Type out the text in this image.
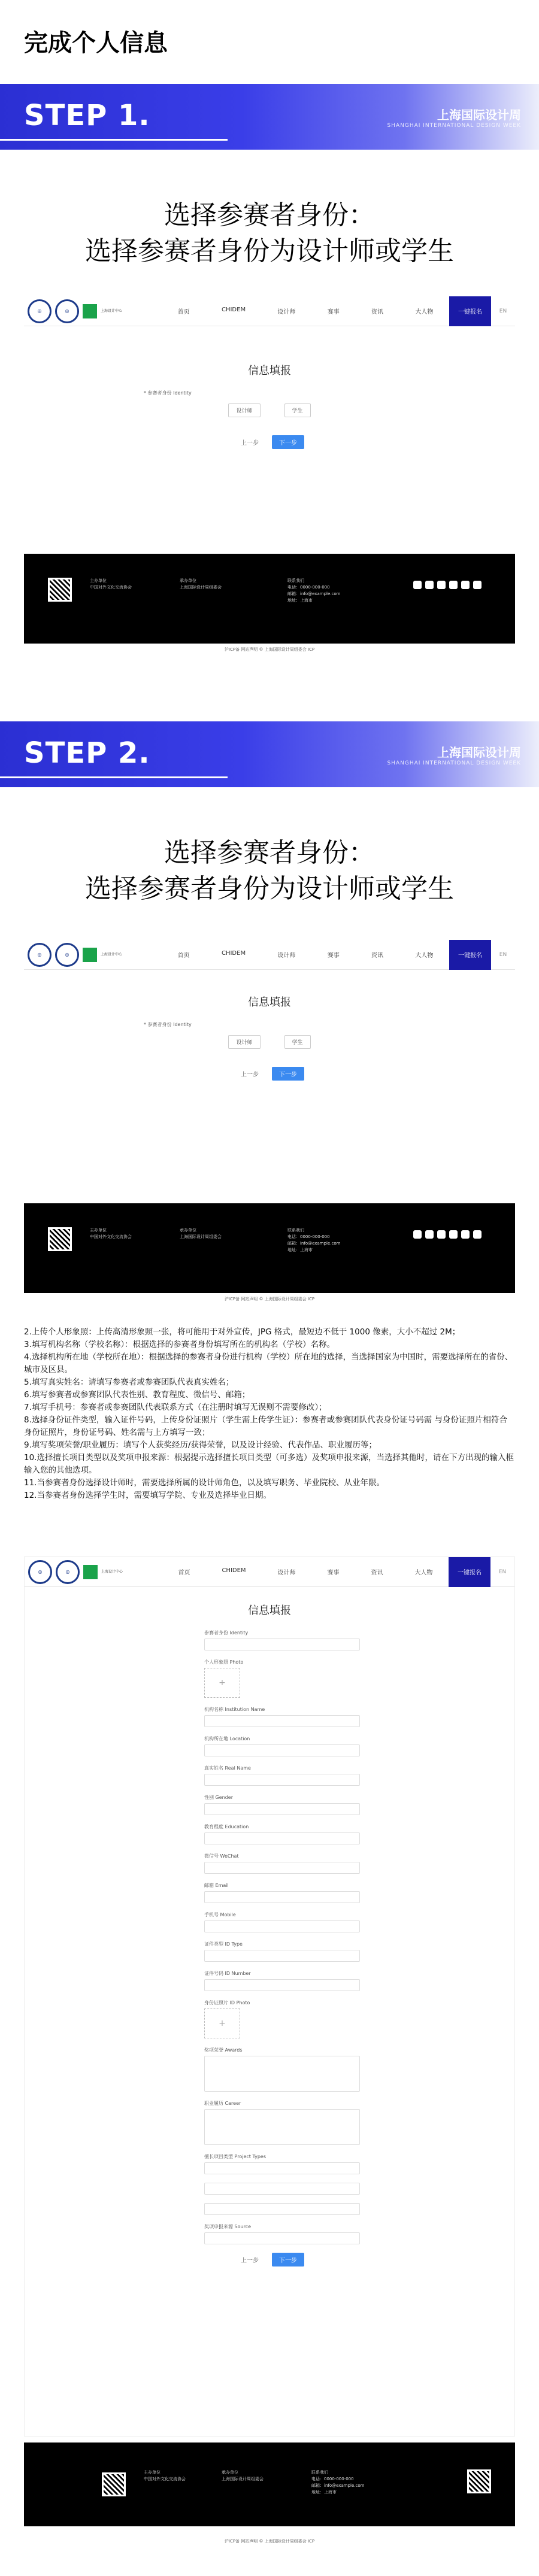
完成个人信息
STEP 1.	上海国际设计周
SHANGHAI INTERNATIONAL DESIGN WEEK
选择参赛者身份：
选择参赛者身份为设计师或学生
◎	◎	上海设计中心	首页	CHIDEM	设计师	赛事	资讯	大人物	一键报名	EN
信息填报
* 参赛者身份 Identity
设计师	学生
上一步	下一步
主办单位
中国对外文化交流协会
承办单位
上海国际设计周组委会
联系我们
电话：0000-000-000
邮箱：info@example.com
地址：上海市
沪ICP备 网站声明 © 上海国际设计周组委会 ICP
STEP 2.	上海国际设计周
SHANGHAI INTERNATIONAL DESIGN WEEK
选择参赛者身份：
选择参赛者身份为设计师或学生
◎	◎	上海设计中心	首页	CHIDEM	设计师	赛事	资讯	大人物	一键报名	EN
信息填报
* 参赛者身份 Identity
设计师	学生
上一步	下一步
主办单位
中国对外文化交流协会
承办单位
上海国际设计周组委会
联系我们
电话：0000-000-000
邮箱：info@example.com
地址：上海市
沪ICP备 网站声明 © 上海国际设计周组委会 ICP

2.上传个人形象照：上传高清形象照一张，将可能用于对外宣传，JPG 格式，最短边不低于 1000 像素，大小不超过 2M；

3.填写机构名称（学校名称）：根据选择的参赛者身份填写所在的机构名（学校）名称。

4.选择机构所在地（学校所在地）：根据选择的参赛者身份进行机构（学校）所在地的选择，当选择国家为中国时，需要选择所在的省份、城市及区县。

5.填写真实姓名：请填写参赛者或参赛团队代表真实姓名；

6.填写参赛者或参赛团队代表性别、教育程度、微信号、邮箱；

7.填写手机号：参赛者或参赛团队代表联系方式（在注册时填写无误则不需要修改）；

8.选择身份证件类型，输入证件号码，上传身份证照片（学生需上传学生证）：参赛者或参赛团队代表身份证号码需 与身份证照片相符合身份证照片，身份证号码、姓名需与上方填写一致；

9.填写奖项荣誉/职业履历：填写个人获奖经历/获得荣誉，以及设计经验、代表作品、职业履历等；

10.选择擅长项目类型以及奖项申报来源：根据提示选择擅长项目类型（可多选）及奖项申报来源，当选择其他时，请在下方出现的输入框输入您的其他选项。

11.当参赛者身份选择设计师时，需要选择所属的设计师角色，以及填写职务、毕业院校、从业年限。

12.当参赛者身份选择学生时，需要填写学院、专业及选择毕业日期。

◎	◎	上海设计中心	首页	CHIDEM	设计师	赛事	资讯	大人物	一键报名	EN
信息填报
参赛者身份 Identity
个人形象照 Photo
+
机构名称 Institution Name
机构所在地 Location
真实姓名 Real Name
性别 Gender
教育程度 Education
微信号 WeChat
邮箱 Email
手机号 Mobile
证件类型 ID Type
证件号码 ID Number
身份证照片 ID Photo
+
奖项荣誉 Awards
职业履历 Career
擅长项目类型 Project Types
奖项申报来源 Source
上一步	下一步
主办单位
中国对外文化交流协会
承办单位
上海国际设计周组委会
联系我们
电话：0000-000-000
邮箱：info@example.com
地址：上海市
沪ICP备 网站声明 © 上海国际设计周组委会 ICP
